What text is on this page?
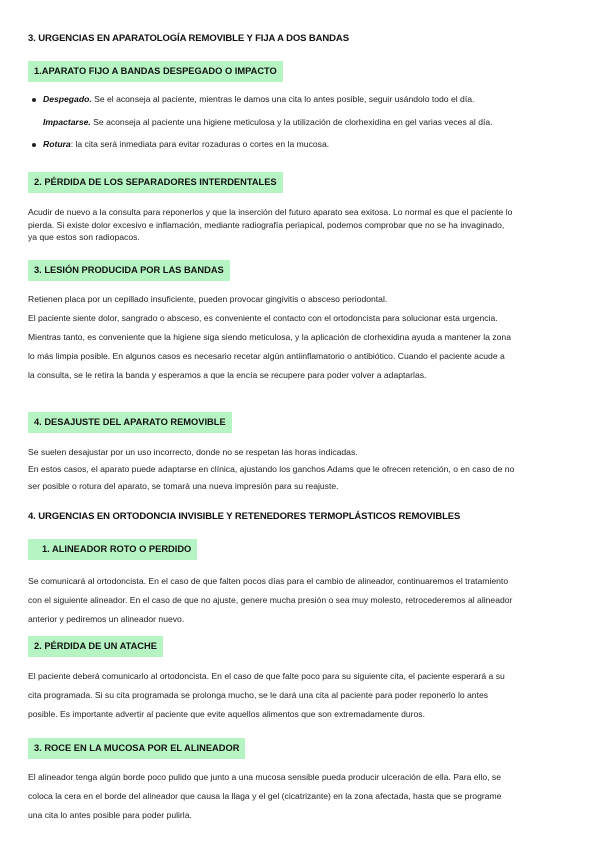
3. URGENCIAS EN APARATOLOGÍA REMOVIBLE Y FIJA A DOS BANDAS
1.APARATO FIJO A BANDAS DESPEGADO O IMPACTO
Despegado. Se el aconseja al paciente, mientras le damos una cita lo antes posible, seguir usándolo todo el día.
Impactarse. Se aconseja al paciente una higiene meticulosa y la utilización de clorhexidina en gel varias veces al día.
Rotura: la cita será inmediata para evitar rozaduras o cortes en la mucosa.
2. PÉRDIDA DE LOS SEPARADORES INTERDENTALES
Acudir de nuevo a la consulta para reponerlos y que la inserción del futuro aparato sea exitosa. Lo normal es que el paciente lo
pierda. Si existe dolor excesivo e inflamación, mediante radiografía periapical, podemos comprobar que no se ha invaginado,
ya que estos son radiopacos.
3. LESIÓN PRODUCIDA POR LAS BANDAS
Retienen placa por un cepillado insuficiente, pueden provocar gingivitis o absceso periodontal.
El paciente siente dolor, sangrado o absceso, es conveniente el contacto con el ortodoncista para solucionar esta urgencia.
Mientras tanto, es conveniente que la higiene siga siendo meticulosa, y la aplicación de clorhexidina ayuda a mantener la zona
lo más limpia posible. En algunos casos es necesario recetar algún antiinflamatorio o antibiótico. Cuando el paciente acude a
la consulta, se le retira la banda y esperamos a que la encía se recupere para poder volver a adaptarlas.
4. DESAJUSTE DEL APARATO REMOVIBLE
Se suelen desajustar por un uso incorrecto, donde no se respetan las horas indicadas.
En estos casos, el aparato puede adaptarse en clínica, ajustando los ganchos Adams que le ofrecen retención, o en caso de no
ser posible o rotura del aparato, se tomará una nueva impresión para su reajuste.
4. URGENCIAS EN ORTODONCIA INVISIBLE Y RETENEDORES TERMOPLÁSTICOS REMOVIBLES
1. ALINEADOR ROTO O PERDIDO
Se comunicará al ortodoncista. En el caso de que falten pocos días para el cambio de alineador, continuaremos el tratamiento
con el siguiente alineador. En el caso de que no ajuste, genere mucha presión o sea muy molesto, retrocederemos al alineador
anterior y pediremos un alineador nuevo.
2. PÉRDIDA DE UN ATACHE
El paciente deberá comunicarlo al ortodoncista. En el caso de que falte poco para su siguiente cita, el paciente esperará a su
cita programada. Si su cita programada se prolonga mucho, se le dará una cita al paciente para poder reponerlo lo antes
posible. Es importante advertir al paciente que evite aquellos alimentos que son extremadamente duros.
3. ROCE EN LA MUCOSA POR EL ALINEADOR
El alineador tenga algún borde poco pulido que junto a una mucosa sensible pueda producir ulceración de ella. Para ello, se
coloca la cera en el borde del alineador que causa la llaga y el gel (cicatrizante) en la zona afectada, hasta que se programe
una cita lo antes posible para poder pulirla.
